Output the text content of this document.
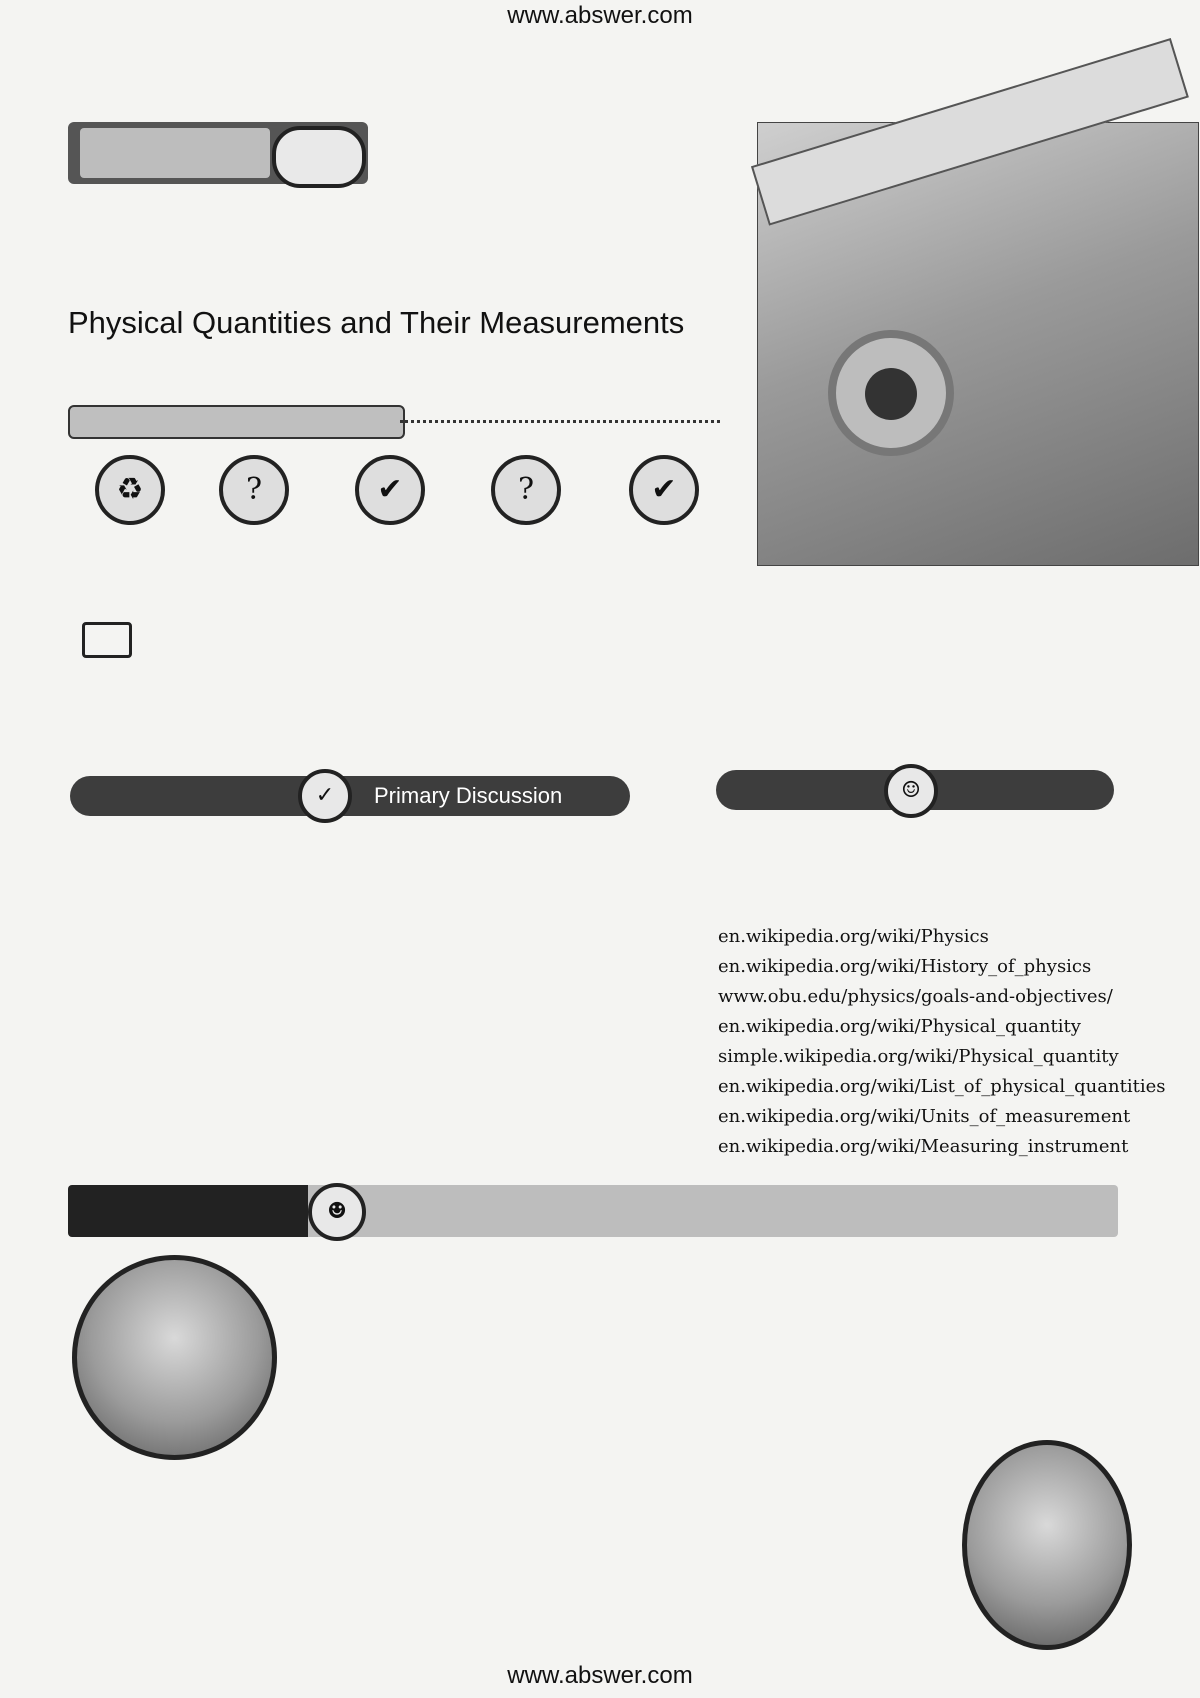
www.abswer.com
Physical Quantities and Their Measurements
♻	?	✔	?	✔
Primary Discussion
✓	☺
en.wikipedia.org/wiki/Physics
en.wikipedia.org/wiki/History_of_physics
www.obu.edu/physics/goals-and-objectives/
en.wikipedia.org/wiki/Physical_quantity
simple.wikipedia.org/wiki/Physical_quantity
en.wikipedia.org/wiki/List_of_physical_quantities
en.wikipedia.org/wiki/Units_of_measurement
en.wikipedia.org/wiki/Measuring_instrument
☻
www.abswer.com
